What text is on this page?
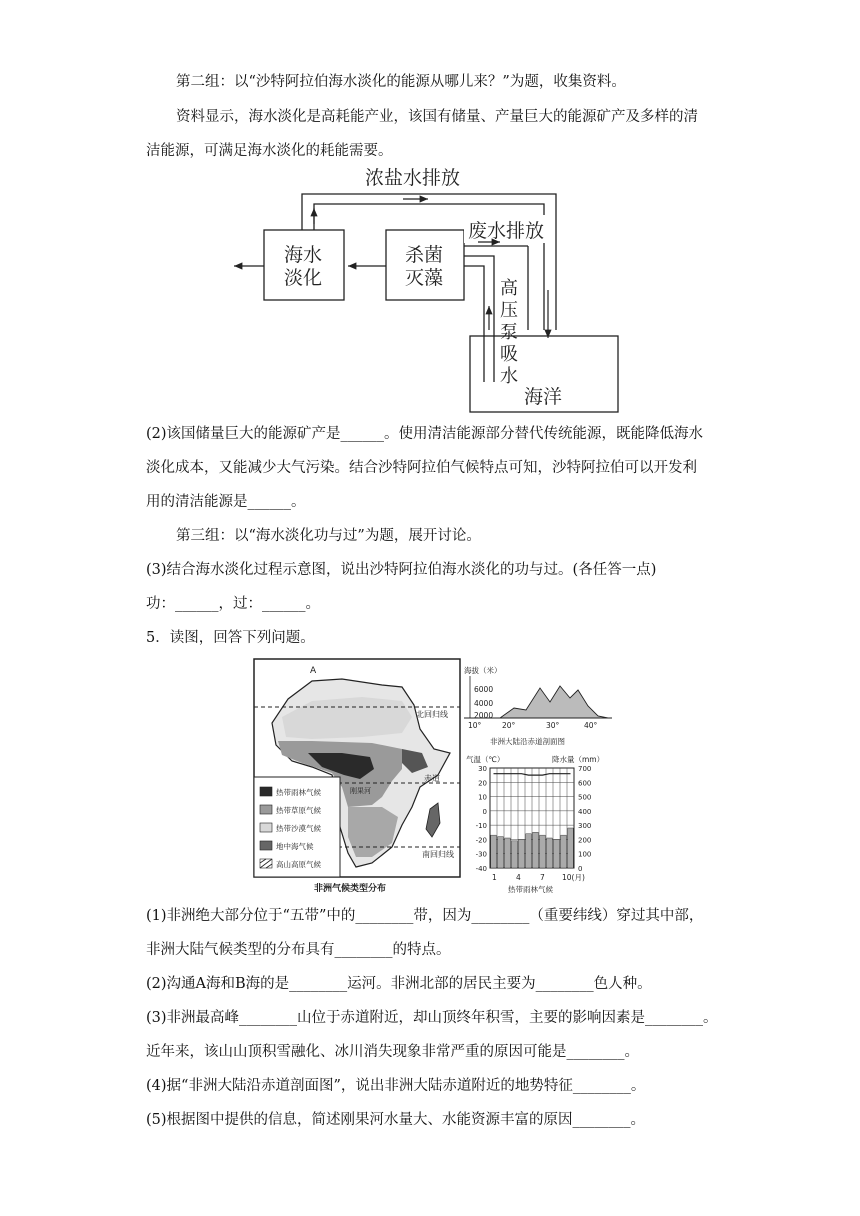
第二组：以“沙特阿拉伯海水淡化的能源从哪儿来？”为题，收集资料。
资料显示，海水淡化是高耗能产业，该国有储量、产量巨大的能源矿产及多样的清
洁能源，可满足海水淡化的耗能需要。
浓盐水排放
海水
淡化
杀菌
灭藻
废水排放
高
压
泵
吸
水
海洋
(2)该国储量巨大的能源矿产是______。使用清洁能源部分替代传统能源，既能降低海水
淡化成本，又能减少大气污染。结合沙特阿拉伯气候特点可知，沙特阿拉伯可以开发利
用的清洁能源是______。
第三组：以“海水淡化功与过”为题，展开讨论。
(3)结合海水淡化过程示意图，说出沙特阿拉伯海水淡化的功与过。(各任答一点)
功：______，过：______。
5．读图，回答下列问题。
A
北回归线
赤道
刚果河
南回归线
热带雨林气候
热带草原气候
热带沙漠气候
地中海气候
高山高原气候
非洲气候类型分布
海拔（米）
6000
4000
2000
10°	20°	30°	40°
非洲大陆沿赤道剖面图
气温（℃）	降水量（mm）
30
20
10
0
-10
-20
-30
-40
700
600
500
400
300
200
100
0
1	4	7 10(月)
热带雨林气候
(1)非洲绝大部分位于“五带”中的________带，因为________（重要纬线）穿过其中部，
非洲大陆气候类型的分布具有________的特点。
(2)沟通A海和B海的是________运河。非洲北部的居民主要为________色人种。
(3)非洲最高峰________山位于赤道附近，却山顶终年积雪，主要的影响因素是________。
近年来，该山山顶积雪融化、冰川消失现象非常严重的原因可能是________。
(4)据“非洲大陆沿赤道剖面图”，说出非洲大陆赤道附近的地势特征________。
(5)根据图中提供的信息，简述刚果河水量大、水能资源丰富的原因________。
